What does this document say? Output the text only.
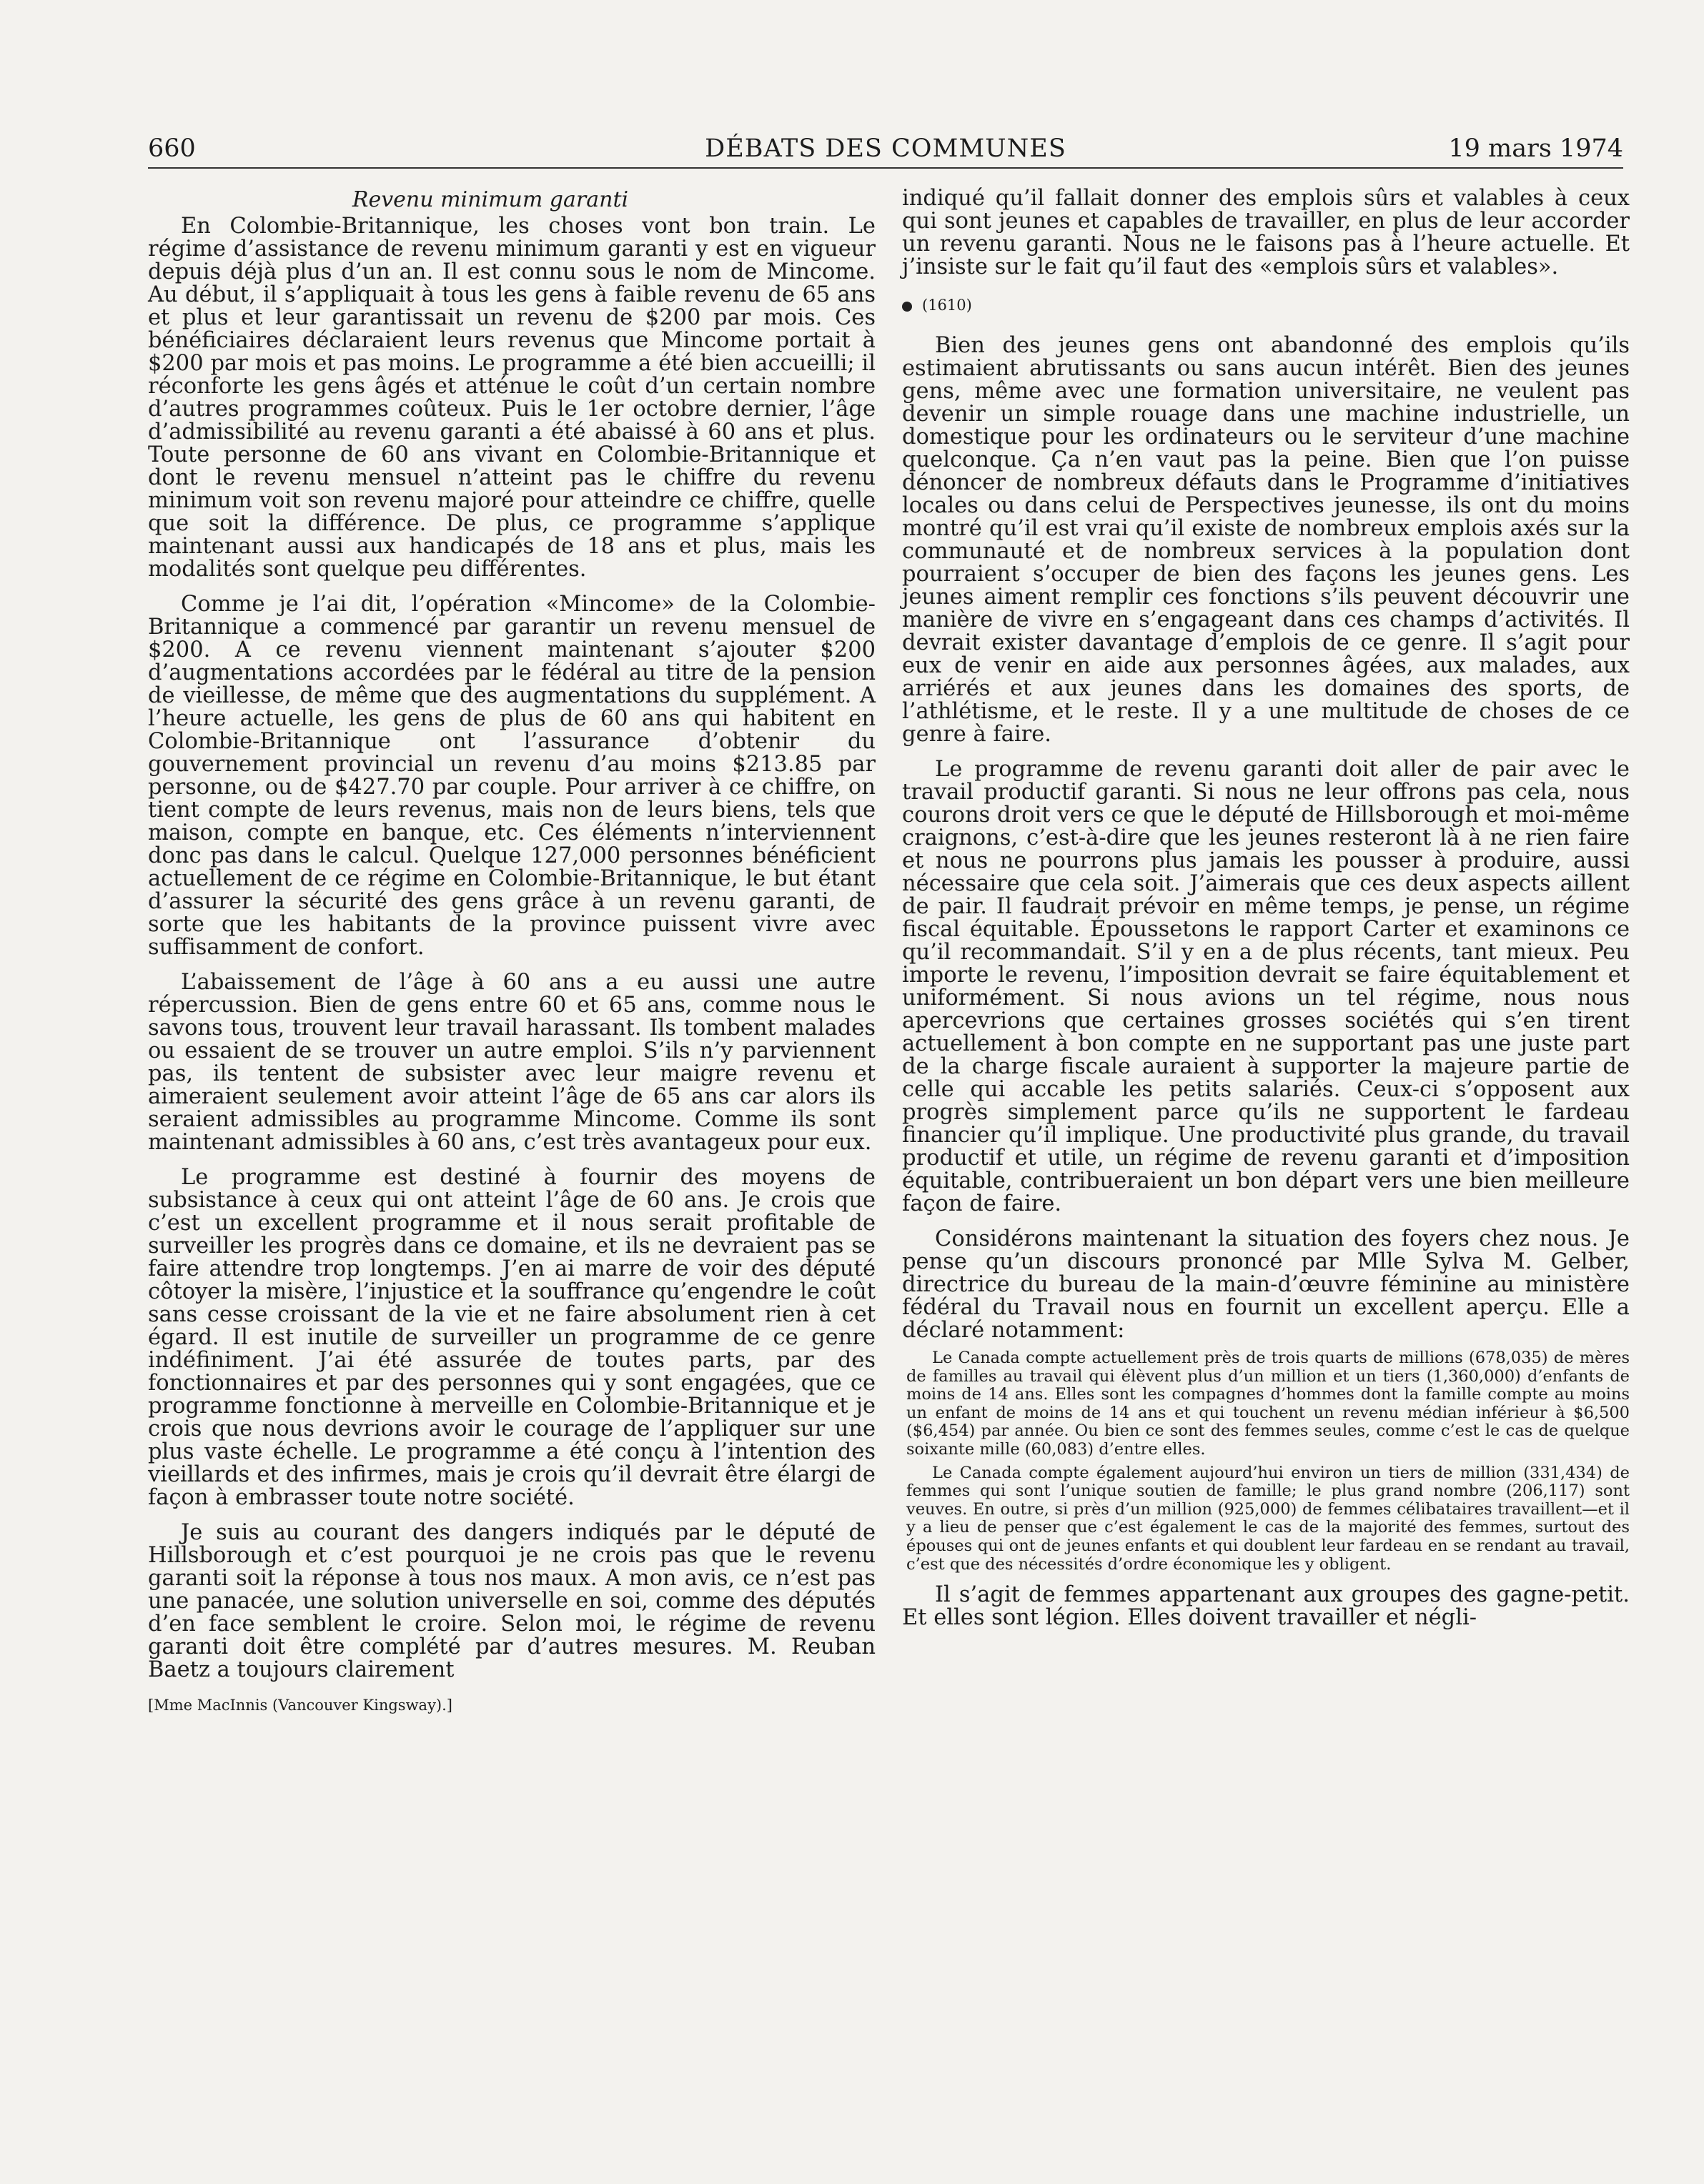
660	DÉBATS DES COMMUNES	19 mars 1974
Revenu minimum garanti

En Colombie-Britannique, les choses vont bon train. Le régime d’assistance de revenu minimum garanti y est en vigueur depuis déjà plus d’un an. Il est connu sous le nom de Mincome. Au début, il s’appliquait à tous les gens à faible revenu de 65 ans et plus et leur garantissait un revenu de $200 par mois. Ces bénéficiaires déclaraient leurs revenus que Mincome portait à $200 par mois et pas moins. Le programme a été bien accueilli; il réconforte les gens âgés et atténue le coût d’un certain nombre d’autres programmes coûteux. Puis le 1er octobre dernier, l’âge d’admissibilité au revenu garanti a été abaissé à 60 ans et plus. Toute personne de 60 ans vivant en Colombie-Britannique et dont le revenu mensuel n’atteint pas le chiffre du revenu minimum voit son revenu majoré pour atteindre ce chiffre, quelle que soit la différence. De plus, ce programme s’applique maintenant aussi aux handicapés de 18 ans et plus, mais les modalités sont quelque peu différentes.

Comme je l’ai dit, l’opération «Mincome» de la Colombie-Britannique a commencé par garantir un revenu mensuel de $200. A ce revenu viennent maintenant s’ajouter $200 d’augmentations accordées par le fédéral au titre de la pension de vieillesse, de même que des augmentations du supplément. A l’heure actuelle, les gens de plus de 60 ans qui habitent en Colombie-Britannique ont l’assurance d’obtenir du gouvernement provincial un revenu d’au moins $213.85 par personne, ou de $427.70 par couple. Pour arriver à ce chiffre, on tient compte de leurs revenus, mais non de leurs biens, tels que maison, compte en banque, etc. Ces éléments n’interviennent donc pas dans le calcul. Quelque 127,000 personnes bénéficient actuellement de ce régime en Colombie-Britannique, le but étant d’assurer la sécurité des gens grâce à un revenu garanti, de sorte que les habitants de la province puissent vivre avec suffisamment de confort.

L’abaissement de l’âge à 60 ans a eu aussi une autre répercussion. Bien de gens entre 60 et 65 ans, comme nous le savons tous, trouvent leur travail harassant. Ils tombent malades ou essaient de se trouver un autre emploi. S’ils n’y parviennent pas, ils tentent de subsister avec leur maigre revenu et aimeraient seulement avoir atteint l’âge de 65 ans car alors ils seraient admissibles au programme Mincome. Comme ils sont maintenant admissibles à 60 ans, c’est très avantageux pour eux.

Le programme est destiné à fournir des moyens de subsistance à ceux qui ont atteint l’âge de 60 ans. Je crois que c’est un excellent programme et il nous serait profitable de surveiller les progrès dans ce domaine, et ils ne devraient pas se faire attendre trop longtemps. J’en ai marre de voir des député côtoyer la misère, l’injustice et la souffrance qu’engendre le coût sans cesse croissant de la vie et ne faire absolument rien à cet égard. Il est inutile de surveiller un programme de ce genre indéfiniment. J’ai été assurée de toutes parts, par des fonctionnaires et par des personnes qui y sont engagées, que ce programme fonctionne à merveille en Colombie-Britannique et je crois que nous devrions avoir le courage de l’appliquer sur une plus vaste échelle. Le programme a été conçu à l’intention des vieillards et des infirmes, mais je crois qu’il devrait être élargi de façon à embrasser toute notre société.

Je suis au courant des dangers indiqués par le député de Hillsborough et c’est pourquoi je ne crois pas que le revenu garanti soit la réponse à tous nos maux. A mon avis, ce n’est pas une panacée, une solution universelle en soi, comme des députés d’en face semblent le croire. Selon moi, le régime de revenu garanti doit être complété par d’autres mesures. M. Reuban Baetz a toujours clairement

[Mme MacInnis (Vancouver Kingsway).]

indiqué qu’il fallait donner des emplois sûrs et valables à ceux qui sont jeunes et capables de travailler, en plus de leur accorder un revenu garanti. Nous ne le faisons pas à l’heure actuelle. Et j’insiste sur le fait qu’il faut des «emplois sûrs et valables».

(1610)

Bien des jeunes gens ont abandonné des emplois qu’ils estimaient abrutissants ou sans aucun intérêt. Bien des jeunes gens, même avec une formation universitaire, ne veulent pas devenir un simple rouage dans une machine industrielle, un domestique pour les ordinateurs ou le serviteur d’une machine quelconque. Ça n’en vaut pas la peine. Bien que l’on puisse dénoncer de nombreux défauts dans le Programme d’initiatives locales ou dans celui de Perspectives jeunesse, ils ont du moins montré qu’il est vrai qu’il existe de nombreux emplois axés sur la communauté et de nombreux services à la population dont pourraient s’occuper de bien des façons les jeunes gens. Les jeunes aiment remplir ces fonctions s’ils peuvent découvrir une manière de vivre en s’engageant dans ces champs d’activités. Il devrait exister davantage d’emplois de ce genre. Il s’agit pour eux de venir en aide aux personnes âgées, aux malades, aux arriérés et aux jeunes dans les domaines des sports, de l’athlétisme, et le reste. Il y a une multitude de choses de ce genre à faire.

Le programme de revenu garanti doit aller de pair avec le travail productif garanti. Si nous ne leur offrons pas cela, nous courons droit vers ce que le député de Hillsborough et moi-même craignons, c’est-à-dire que les jeunes resteront là à ne rien faire et nous ne pourrons plus jamais les pousser à produire, aussi nécessaire que cela soit. J’aimerais que ces deux aspects aillent de pair. Il faudrait prévoir en même temps, je pense, un régime fiscal équitable. Époussetons le rapport Carter et examinons ce qu’il recommandait. S’il y en a de plus récents, tant mieux. Peu importe le revenu, l’imposition devrait se faire équitablement et uniformément. Si nous avions un tel régime, nous nous apercevrions que certaines grosses sociétés qui s’en tirent actuellement à bon compte en ne supportant pas une juste part de la charge fiscale auraient à supporter la majeure partie de celle qui accable les petits salariés. Ceux-ci s’opposent aux progrès simplement parce qu’ils ne supportent le fardeau financier qu’il implique. Une productivité plus grande, du travail productif et utile, un régime de revenu garanti et d’imposition équitable, contribueraient un bon départ vers une bien meilleure façon de faire.

Considérons maintenant la situation des foyers chez nous. Je pense qu’un discours prononcé par Mlle Sylva M. Gelber, directrice du bureau de la main-d’œuvre féminine au ministère fédéral du Travail nous en fournit un excellent aperçu. Elle a déclaré notamment:

Le Canada compte actuellement près de trois quarts de millions (678,035) de mères de familles au travail qui élèvent plus d’un million et un tiers (1,360,000) d’enfants de moins de 14 ans. Elles sont les compagnes d’hommes dont la famille compte au moins un enfant de moins de 14 ans et qui touchent un revenu médian inférieur à $6,500 ($6,454) par année. Ou bien ce sont des femmes seules, comme c’est le cas de quelque soixante mille (60,083) d’entre elles.

Le Canada compte également aujourd’hui environ un tiers de million (331,434) de femmes qui sont l’unique soutien de famille; le plus grand nombre (206,117) sont veuves. En outre, si près d’un million (925,000) de femmes célibataires travaillent—et il y a lieu de penser que c’est également le cas de la majorité des femmes, surtout des épouses qui ont de jeunes enfants et qui doublent leur fardeau en se rendant au travail, c’est que des nécessités d’ordre économique les y obligent.

Il s’agit de femmes appartenant aux groupes des gagne-petit. Et elles sont légion. Elles doivent travailler et négli-
